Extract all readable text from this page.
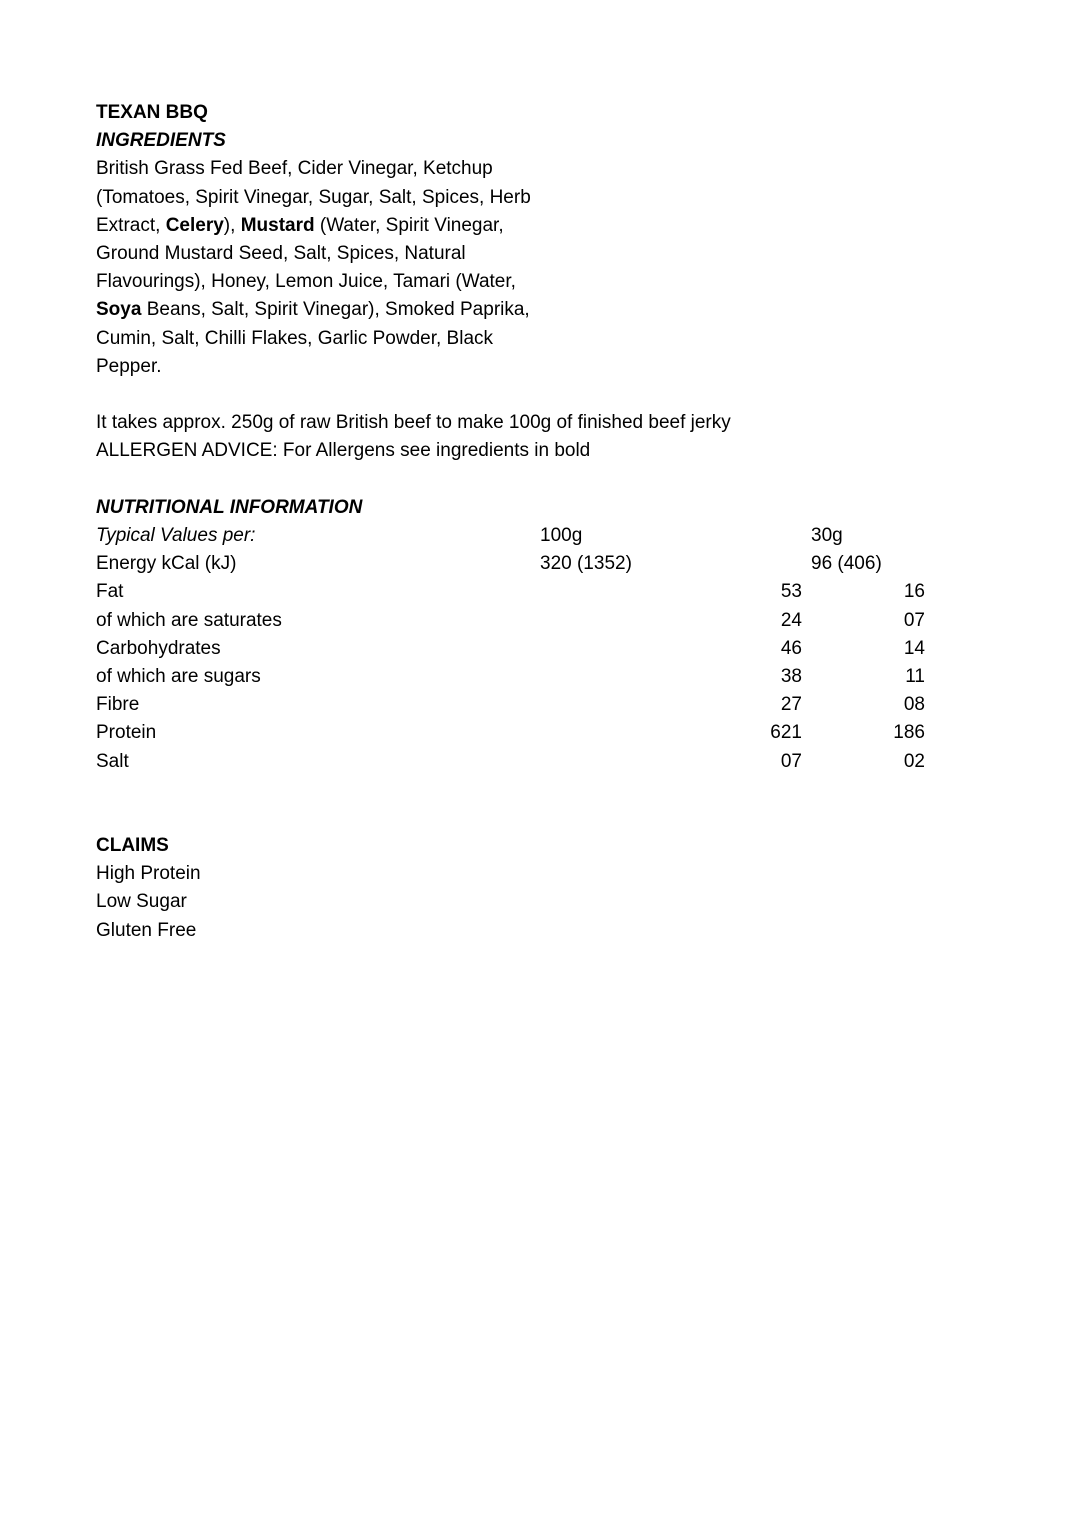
TEXAN BBQ
INGREDIENTS
British Grass Fed Beef, Cider Vinegar, Ketchup (Tomatoes, Spirit Vinegar, Sugar, Salt, Spices, Herb Extract, Celery), Mustard (Water, Spirit Vinegar, Ground Mustard Seed, Salt, Spices, Natural Flavourings), Honey, Lemon Juice, Tamari (Water, Soya Beans, Salt, Spirit Vinegar), Smoked Paprika, Cumin, Salt, Chilli Flakes, Garlic Powder, Black Pepper.
It takes approx. 250g of raw British beef to make 100g of finished beef jerky
ALLERGEN ADVICE: For Allergens see ingredients in bold
NUTRITIONAL INFORMATION
Typical Values per:	100g	30g
Energy kCal (kJ)	320 (1352)	96 (406)
Fat	53	16
of which are saturates	24	07
Carbohydrates	46	14
of which are sugars	38	11
Fibre	27	08
Protein	621	186
Salt	07	02
CLAIMS
High Protein
Low Sugar
Gluten Free
